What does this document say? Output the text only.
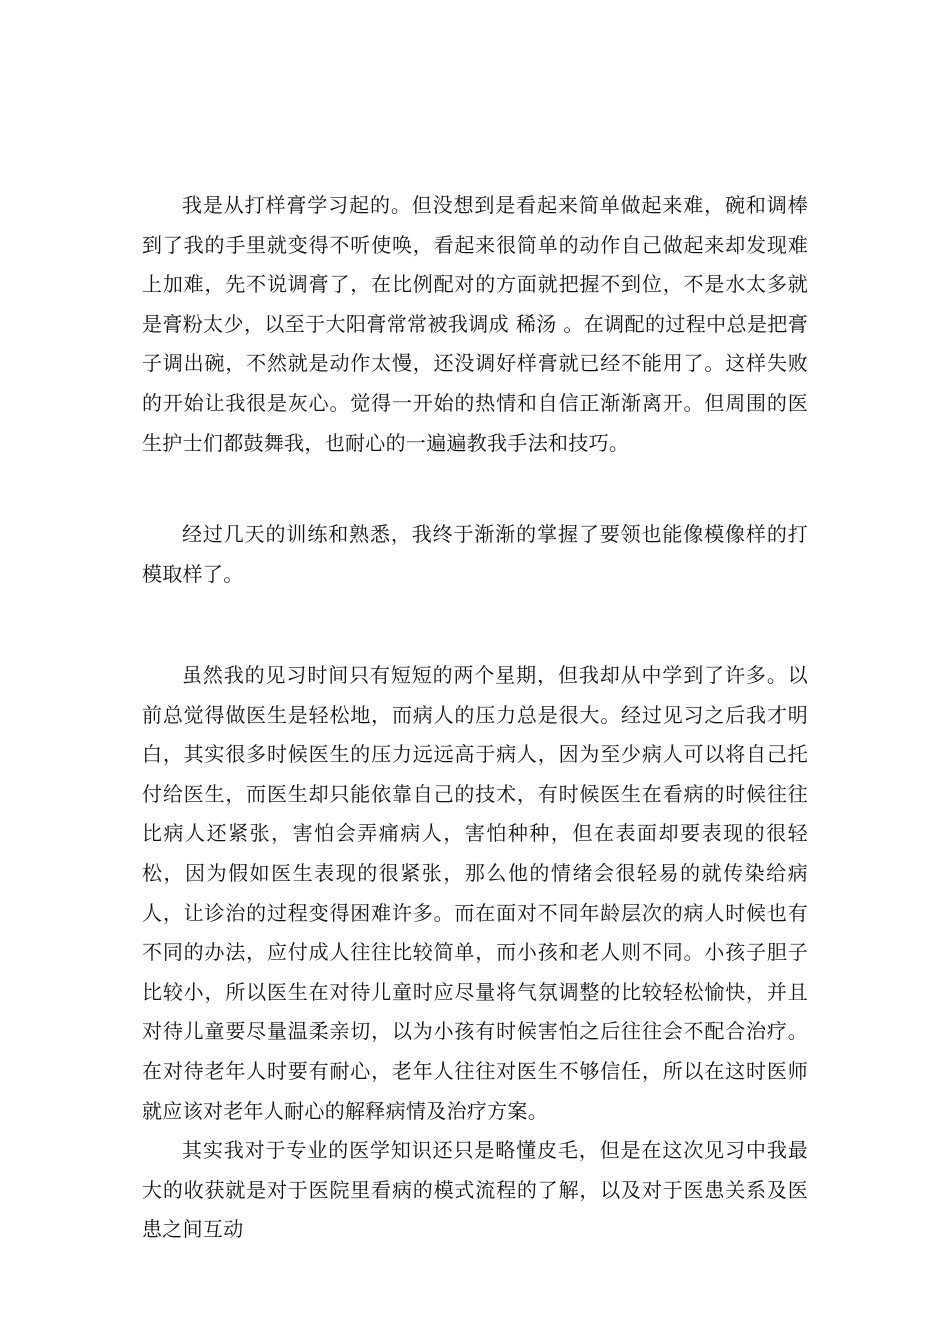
我是从打样膏学习起的。但没想到是看起来简单做起来难，碗和调棒到了我的手里就变得不听使唤，看起来很简单的动作自己做起来却发现难上加难，先不说调膏了，在比例配对的方面就把握不到位，不是水太多就是膏粉太少，以至于大阳膏常常被我调成 稀汤 。在调配的过程中总是把膏子调出碗，不然就是动作太慢，还没调好样膏就已经不能用了。这样失败的开始让我很是灰心。觉得一开始的热情和自信正渐渐离开。但周围的医生护士们都鼓舞我，也耐心的一遍遍教我手法和技巧。

经过几天的训练和熟悉，我终于渐渐的掌握了要领也能像模像样的打模取样了。

虽然我的见习时间只有短短的两个星期，但我却从中学到了许多。以前总觉得做医生是轻松地，而病人的压力总是很大。经过见习之后我才明白，其实很多时候医生的压力远远高于病人，因为至少病人可以将自己托付给医生，而医生却只能依靠自己的技术，有时候医生在看病的时候往往比病人还紧张，害怕会弄痛病人，害怕种种，但在表面却要表现的很轻松，因为假如医生表现的很紧张，那么他的情绪会很轻易的就传染给病人，让诊治的过程变得困难许多。而在面对不同年龄层次的病人时候也有不同的办法，应付成人往往比较简单，而小孩和老人则不同。小孩子胆子比较小，所以医生在对待儿童时应尽量将气氛调整的比较轻松愉快，并且对待儿童要尽量温柔亲切，以为小孩有时候害怕之后往往会不配合治疗。在对待老年人时要有耐心，老年人往往对医生不够信任，所以在这时医师就应该对老年人耐心的解释病情及治疗方案。

其实我对于专业的医学知识还只是略懂皮毛，但是在这次见习中我最大的收获就是对于医院里看病的模式流程的了解，以及对于医患关系及医患之间互动
